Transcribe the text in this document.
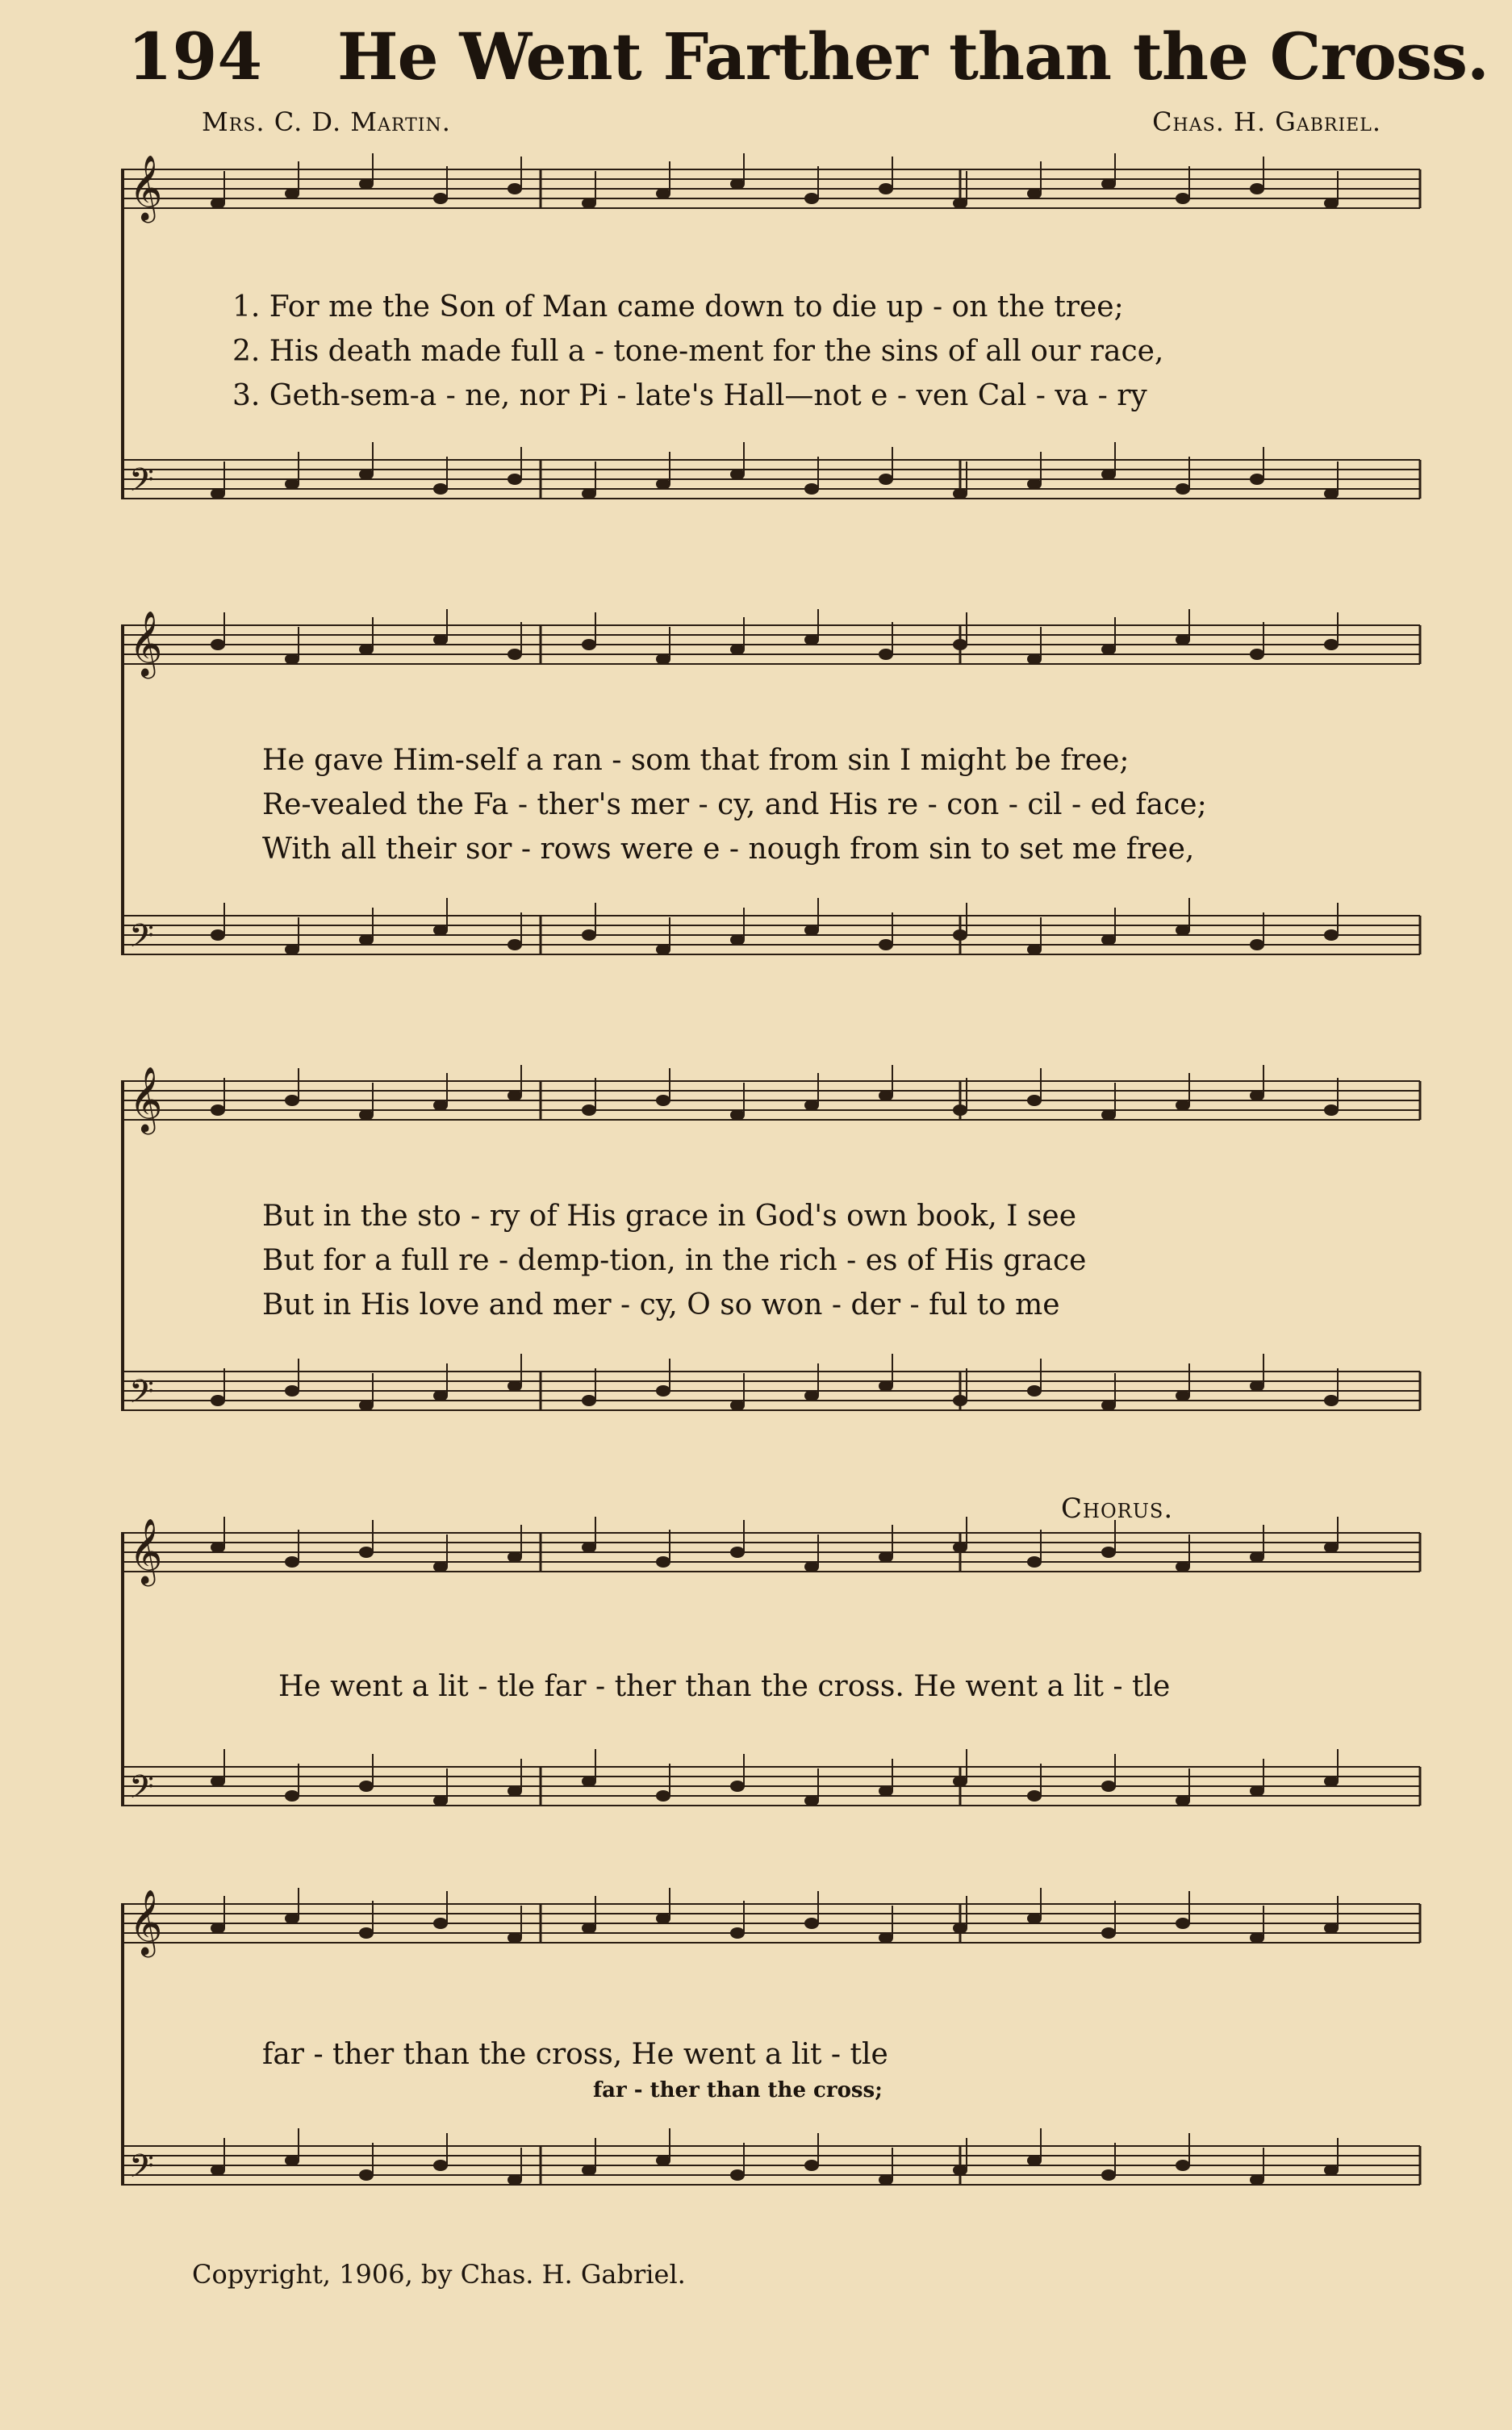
194 He Went Farther than the Cross.
Mrs. C. D. Martin.	Chas. H. Gabriel.
𝄞
𝄢
𝄞
𝄢
𝄞
𝄢
𝄞
𝄢
𝄞
𝄢
1. For me the Son of Man came down to die up - on the tree;
2. His death made full a - tone-ment for the sins of all our race,
3. Geth-sem-a - ne, nor Pi - late's Hall—not e - ven Cal - va - ry
He gave Him-self a ran - som that from sin I might be free;
Re-vealed the Fa - ther's mer - cy, and His re - con - cil - ed face;
With all their sor - rows were e - nough from sin to set me free,
But in the sto - ry of His grace in God's own book, I see
But for a full re - demp-tion, in the rich - es of His grace
But in His love and mer - cy, O so won - der - ful to me
Chorus.
He went a lit - tle far - ther than the cross. He went a lit - tle
far - ther than the cross, He went a lit - tle
far - ther than the cross;
Copyright, 1906, by Chas. H. Gabriel.
